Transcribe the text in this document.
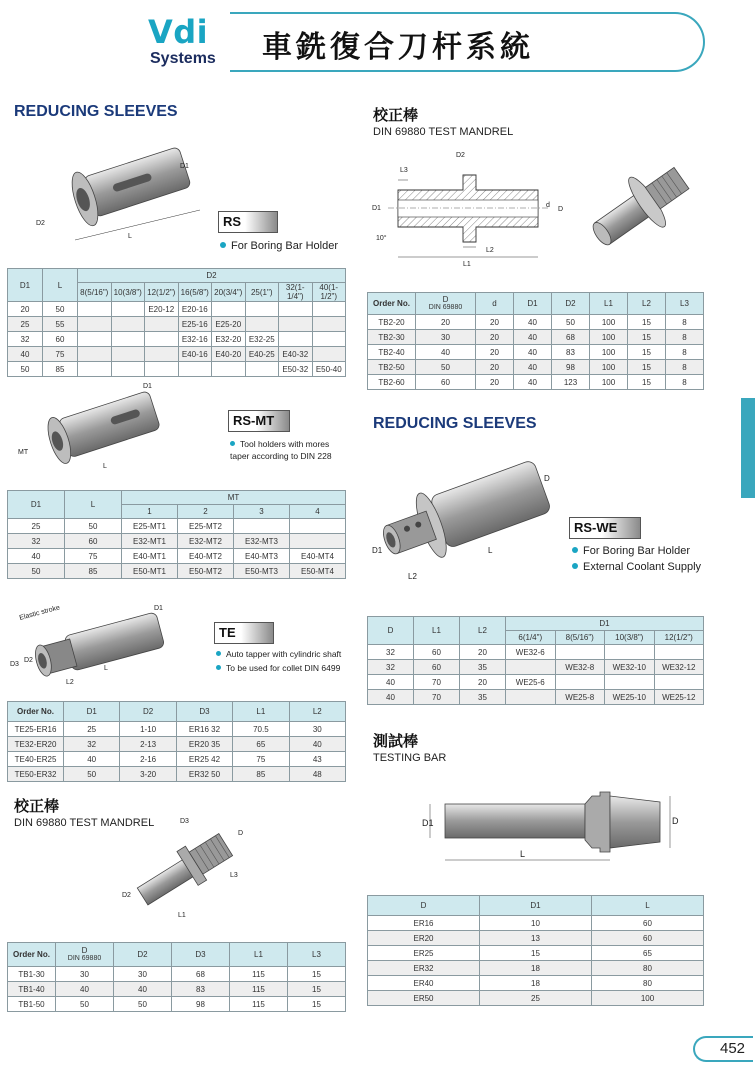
Vdi
Systems 車銑復合刀杆系統
REDUCING SLEEVES
D1
D2
L
RS
For Boring Bar Holder
D1	L	D2							
		8(5/16")	10(3/8")	12(1/2")	16(5/8")	20(3/4")	25(1")	32(1-1/4")	40(1-1/2")
20	50			E20-12	E20-16				
25	55				E25-16	E25-20			
32	60				E32-16	E32-20	E32-25		
40	75				E40-16	E40-20	E40-25	E40-32	
50	85							E50-32	E50-40
D1
MT
L
RS-MT
Tool holders with mores taper according to DIN 228
D1	L	MT			
		1	2	3	4
25	50	E25-MT1	E25-MT2		
32	60	E32-MT1	E32-MT2	E32-MT3	
40	75	E40-MT1	E40-MT2	E40-MT3	E40-MT4
50	85	E50-MT1	E50-MT2	E50-MT3	E50-MT4
Elastic stroke	D1
D2
D3
L
L2
TE
Auto tapper with cylindric shaft
To be used for collet DIN 6499
Order No.	D1	D2	D3	L1	L2
TE25-ER16	25	1-10	ER16 32	70.5	30
TE32-ER20	32	2-13	ER20 35	65	40
TE40-ER25	40	2-16	ER25 42	75	43
TE50-ER32	50	3-20	ER32 50	85	48
校正棒
DIN 69880 TEST MANDREL	D3
D
L3
D2
L1
Order No.	D
DIN 69880	D2	D3	L1	L3
TB1-30	30	30	68	115	15
TB1-40	40	40	83	115	15
TB1-50	50	50	98	115	15
校正棒
DIN 69880 TEST MANDREL
L3
D2
D1	d
D
10°
L2
L1
Order No.	D
DIN 69880	d	D1	D2	L1	L2	L3
TB2-20	20	20	40	50	100	15	8
TB2-30	30	20	40	68	100	15	8
TB2-40	40	20	40	83	100	15	8
TB2-50	50	20	40	98	100	15	8
TB2-60	60	20	40	123	100	15	8
REDUCING SLEEVES
D
D1	L
L2
RS-WE
For Boring Bar Holder
External Coolant Supply
D	L1	L2	D1			
			6(1/4")	8(5/16")	10(3/8")	12(1/2")
32	60	20	WE32-6			
32	60	35		WE32-8	WE32-10	WE32-12
40	70	20	WE25-6			
40	70	35		WE25-8	WE25-10	WE25-12
測試棒
TESTING BAR
D1	D
L
D	D1	L
ER16	10	60
ER20	13	60
ER25	15	65
ER32	18	80
ER40	18	80
ER50	25	100
452
